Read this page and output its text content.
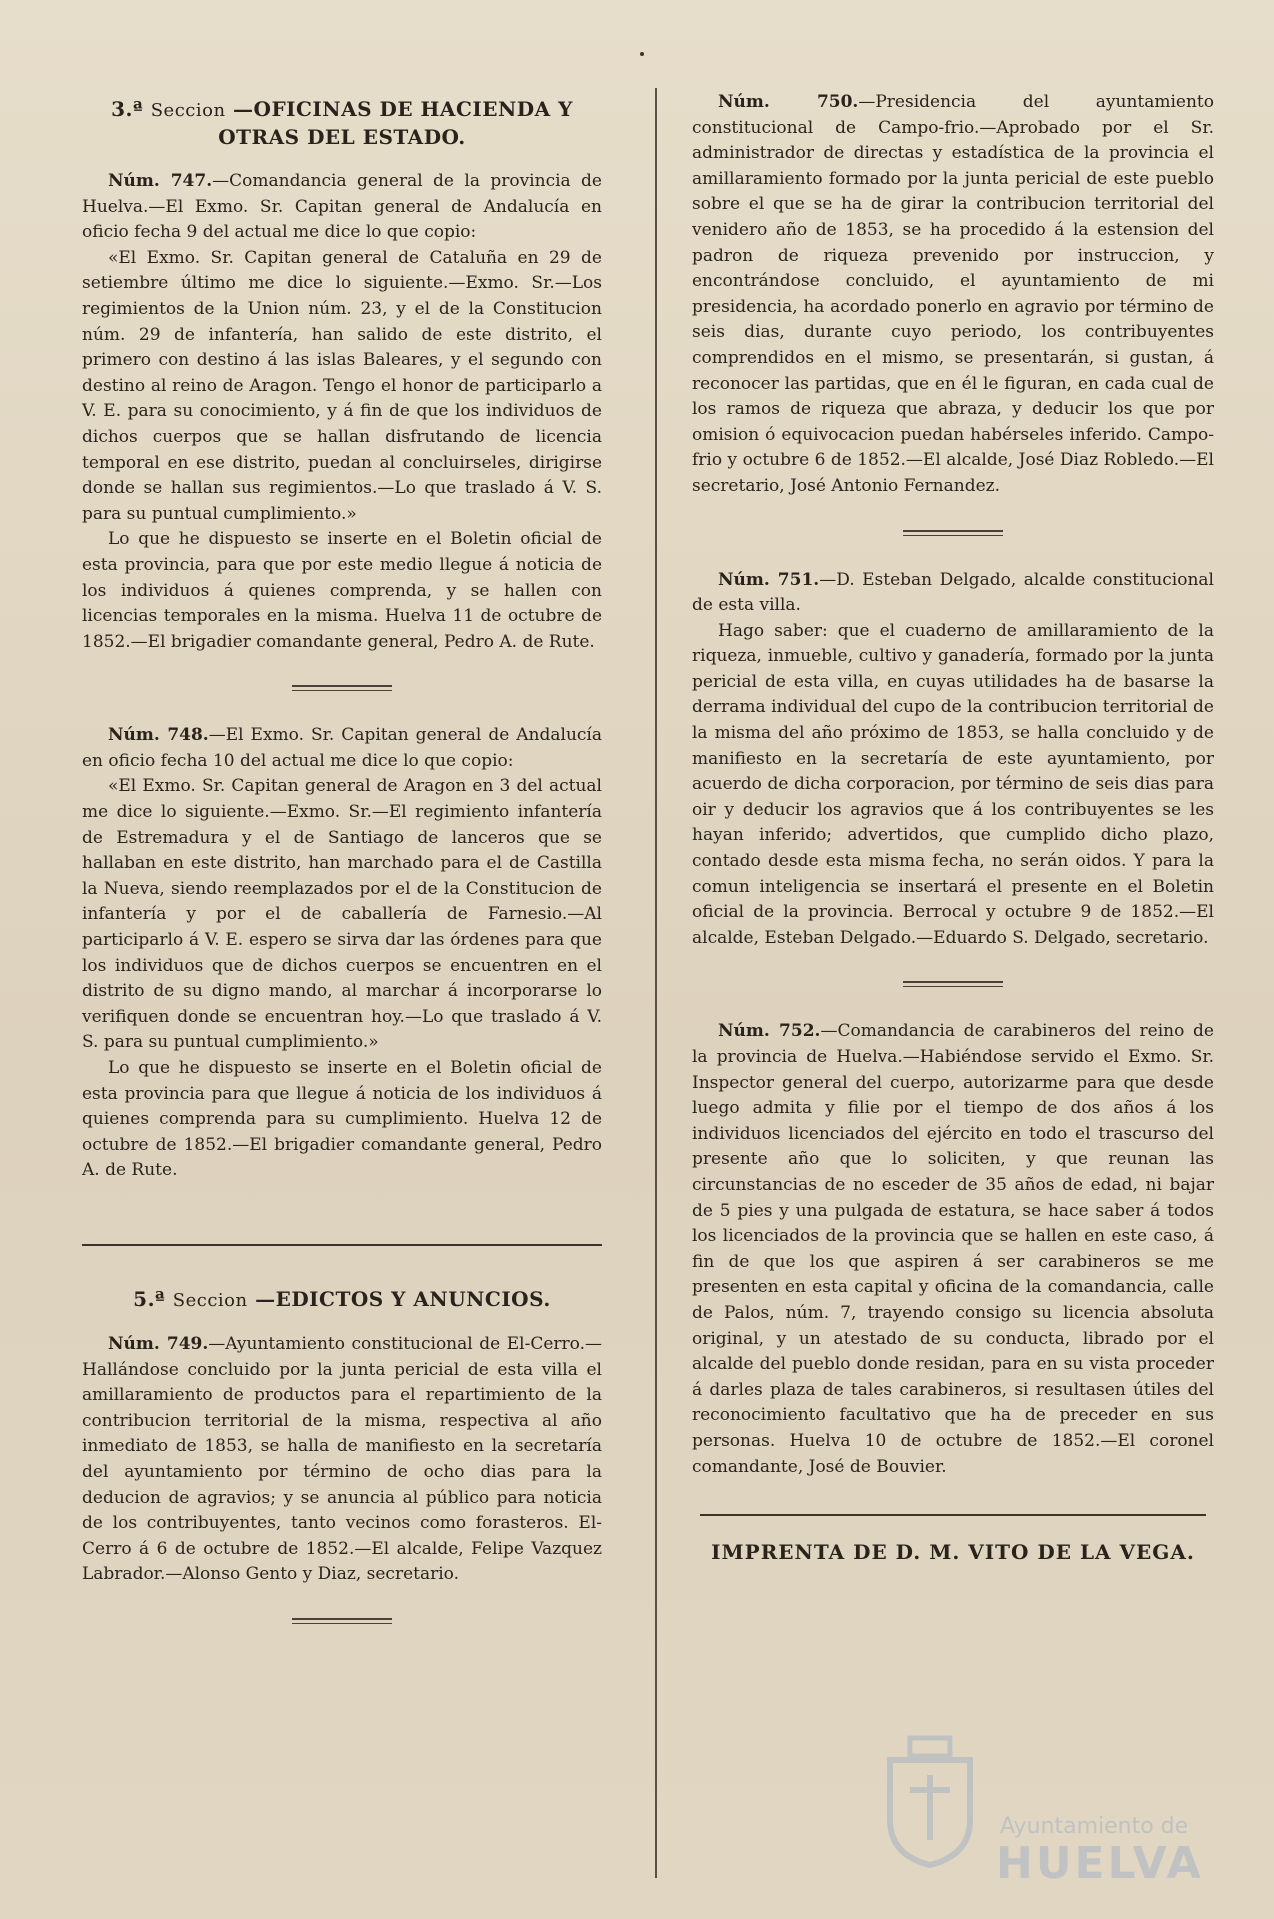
3.ª Seccion —OFICINAS DE HACIENDA Y OTRAS DEL ESTADO.

Núm. 747.—Comandancia general de la provincia de Huelva.—El Exmo. Sr. Capitan general de Andalucía en oficio fecha 9 del actual me dice lo que copio:

«El Exmo. Sr. Capitan general de Cataluña en 29 de setiembre último me dice lo siguiente.—Exmo. Sr.—Los regimientos de la Union núm. 23, y el de la Constitucion núm. 29 de infantería, han salido de este distrito, el primero con destino á las islas Baleares, y el segundo con destino al reino de Aragon. Tengo el honor de participarlo a V. E. para su conocimiento, y á fin de que los individuos de dichos cuerpos que se hallan disfrutando de licencia temporal en ese distrito, puedan al concluirseles, dirigirse donde se hallan sus regimientos.—Lo que traslado á V. S. para su puntual cumplimiento.»

Lo que he dispuesto se inserte en el Boletin oficial de esta provincia, para que por este medio llegue á noticia de los individuos á quienes comprenda, y se hallen con licencias temporales en la misma. Huelva 11 de octubre de 1852.—El brigadier comandante general, Pedro A. de Rute.

Núm. 748.—El Exmo. Sr. Capitan general de Andalucía en oficio fecha 10 del actual me dice lo que copio:

«El Exmo. Sr. Capitan general de Aragon en 3 del actual me dice lo siguiente.—Exmo. Sr.—El regimiento infantería de Estremadura y el de Santiago de lanceros que se hallaban en este distrito, han marchado para el de Castilla la Nueva, siendo reemplazados por el de la Constitucion de infantería y por el de caballería de Farnesio.—Al participarlo á V. E. espero se sirva dar las órdenes para que los individuos que de dichos cuerpos se encuentren en el distrito de su digno mando, al marchar á incorporarse lo verifiquen donde se encuentran hoy.—Lo que traslado á V. S. para su puntual cumplimiento.»

Lo que he dispuesto se inserte en el Boletin oficial de esta provincia para que llegue á noticia de los individuos á quienes comprenda para su cumplimiento. Huelva 12 de octubre de 1852.—El brigadier comandante general, Pedro A. de Rute.

5.ª Seccion —EDICTOS Y ANUNCIOS.

Núm. 749.—Ayuntamiento constitucional de El-Cerro.—Hallándose concluido por la junta pericial de esta villa el amillaramiento de productos para el repartimiento de la contribucion territorial de la misma, respectiva al año inmediato de 1853, se halla de manifiesto en la secretaría del ayuntamiento por término de ocho dias para la deducion de agravios; y se anuncia al público para noticia de los contribuyentes, tanto vecinos como forasteros. El-Cerro á 6 de octubre de 1852.—El alcalde, Felipe Vazquez Labrador.—Alonso Gento y Diaz, secretario.

Núm. 750.—Presidencia del ayuntamiento constitucional de Campo-frio.—Aprobado por el Sr. administrador de directas y estadística de la provincia el amillaramiento formado por la junta pericial de este pueblo sobre el que se ha de girar la contribucion territorial del venidero año de 1853, se ha procedido á la estension del padron de riqueza prevenido por instruccion, y encontrándose concluido, el ayuntamiento de mi presidencia, ha acordado ponerlo en agravio por término de seis dias, durante cuyo periodo, los contribuyentes comprendidos en el mismo, se presentarán, si gustan, á reconocer las partidas, que en él le figuran, en cada cual de los ramos de riqueza que abraza, y deducir los que por omision ó equivocacion puedan habérseles inferido. Campo-frio y octubre 6 de 1852.—El alcalde, José Diaz Robledo.—El secretario, José Antonio Fernandez.

Núm. 751.—D. Esteban Delgado, alcalde constitucional de esta villa.

Hago saber: que el cuaderno de amillaramiento de la riqueza, inmueble, cultivo y ganadería, formado por la junta pericial de esta villa, en cuyas utilidades ha de basarse la derrama individual del cupo de la contribucion territorial de la misma del año próximo de 1853, se halla concluido y de manifiesto en la secretaría de este ayuntamiento, por acuerdo de dicha corporacion, por término de seis dias para oir y deducir los agravios que á los contribuyentes se les hayan inferido; advertidos, que cumplido dicho plazo, contado desde esta misma fecha, no serán oidos. Y para la comun inteligencia se insertará el presente en el Boletin oficial de la provincia. Berrocal y octubre 9 de 1852.—El alcalde, Esteban Delgado.—Eduardo S. Delgado, secretario.

Núm. 752.—Comandancia de carabineros del reino de la provincia de Huelva.—Habiéndose servido el Exmo. Sr. Inspector general del cuerpo, autorizarme para que desde luego admita y filie por el tiempo de dos años á los individuos licenciados del ejército en todo el trascurso del presente año que lo soliciten, y que reunan las circunstancias de no esceder de 35 años de edad, ni bajar de 5 pies y una pulgada de estatura, se hace saber á todos los licenciados de la provincia que se hallen en este caso, á fin de que los que aspiren á ser carabineros se me presenten en esta capital y oficina de la comandancia, calle de Palos, núm. 7, trayendo consigo su licencia absoluta original, y un atestado de su conducta, librado por el alcalde del pueblo donde residan, para en su vista proceder á darles plaza de tales carabineros, si resultasen útiles del reconocimiento facultativo que ha de preceder en sus personas. Huelva 10 de octubre de 1852.—El coronel comandante, José de Bouvier.

IMPRENTA DE D. M. VITO DE LA VEGA.
Ayuntamiento de
HUELVA
